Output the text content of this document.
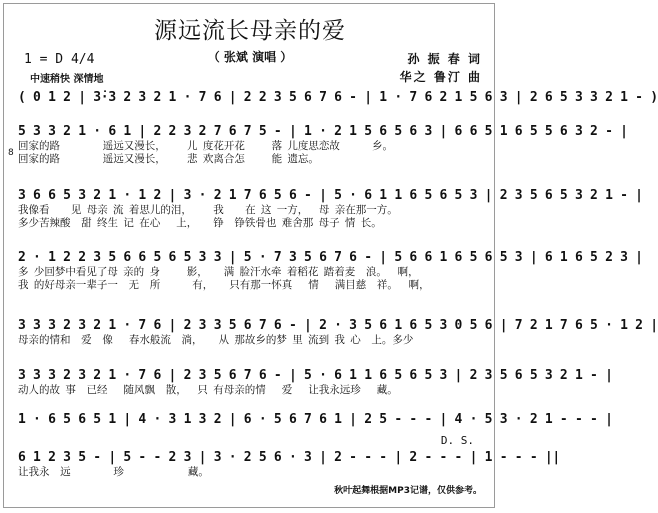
源远流长母亲的爱
（ 张斌 演唱 ）	孙 振 春 词
华之 鲁汀 曲
1 = D 4/4
中速稍快 深情地
8
( 0 1 2 | 3̇·3 2 3 2 1 · 7 6 | 2 2 3 5 6 7 6 - | 1 · 7 6 2 1 5 6 3 | 2 6 5 3 3 2 1 - )
5 3 3 2 1 · 6 1 | 2 2 3 2 7 6 7 5 - | 1 · 2 1 5 6 5 6 3 | 6 6 5 1 6 5 5 6 3 2 - |
回家的路        遥远又漫长，    儿 度花开花     落 儿度思恋故      乡。
回家的路        遥远又漫长，    悲 欢离合怎     能 遗忘。
3 6 6 5 3 2 1 · 1 2 | 3 · 2 1 7 6 5 6 - | 5 · 6 1 1 6 5 6 5 3 | 2 3 5 6 5 3 2 1 - |
我像看    见 母亲 流 着思儿的泪，    我    在 这 一方，  母 亲在那一方。
多少苦辣酸  甜 终生 记 在心   上，   铮  铮铁骨也 难舍那 母子 情 长。
2 · 1 2 2 3 5 6 6 5 6 5 3 3 | 5 · 7 3 5 6 7 6 - | 5 6 6 1 6 5 6 5 3 | 6 1 6 5 2 3 |
多 少回梦中看见了母 亲的 身     影，   满 脸汗水牵 着稻花 踏着麦  浪。  啊，
我 的好母亲一辈子一  无  所      有，   只有那一怀真   情   满目慈  祥。  啊，
3 3 3 2 3 2 1 · 7 6 | 2 3 3 5 6 7 6 - | 2 · 3 5 6 1 6 5 3 0 5 6 | 7 2 1 7 6 5 · 1 2 |
母亲的情和  爱  像   春水般流  淌，   从 那故乡的梦 里 流到 我 心  上。多少
3 3 3 2 3 2 1 · 7 6 | 2 3 5 6 7 6 - | 5 · 6 1 1 6 5 6 5 3 | 2 3 5 6 5 3 2 1 - |
动人的故 事  已经   随风飘  散，  只 有母亲的情   爱   让我永远珍   藏。
1 · 6 5 6 5 1 | 4 · 3 1 3 2 | 6 · 5 6 7 6 1 | 2 5 - - - | 4 · 5 3 · 2 1 - - - |
D. S.
6 1 2 3 5 - | 5 - - 2 3 | 3 · 2 5 6 · 3 | 2 - - - | 2 - - - | 1 - - - ||
让我永  远        珍            藏。
秋叶起舞根据MP3记谱，仅供参考。
